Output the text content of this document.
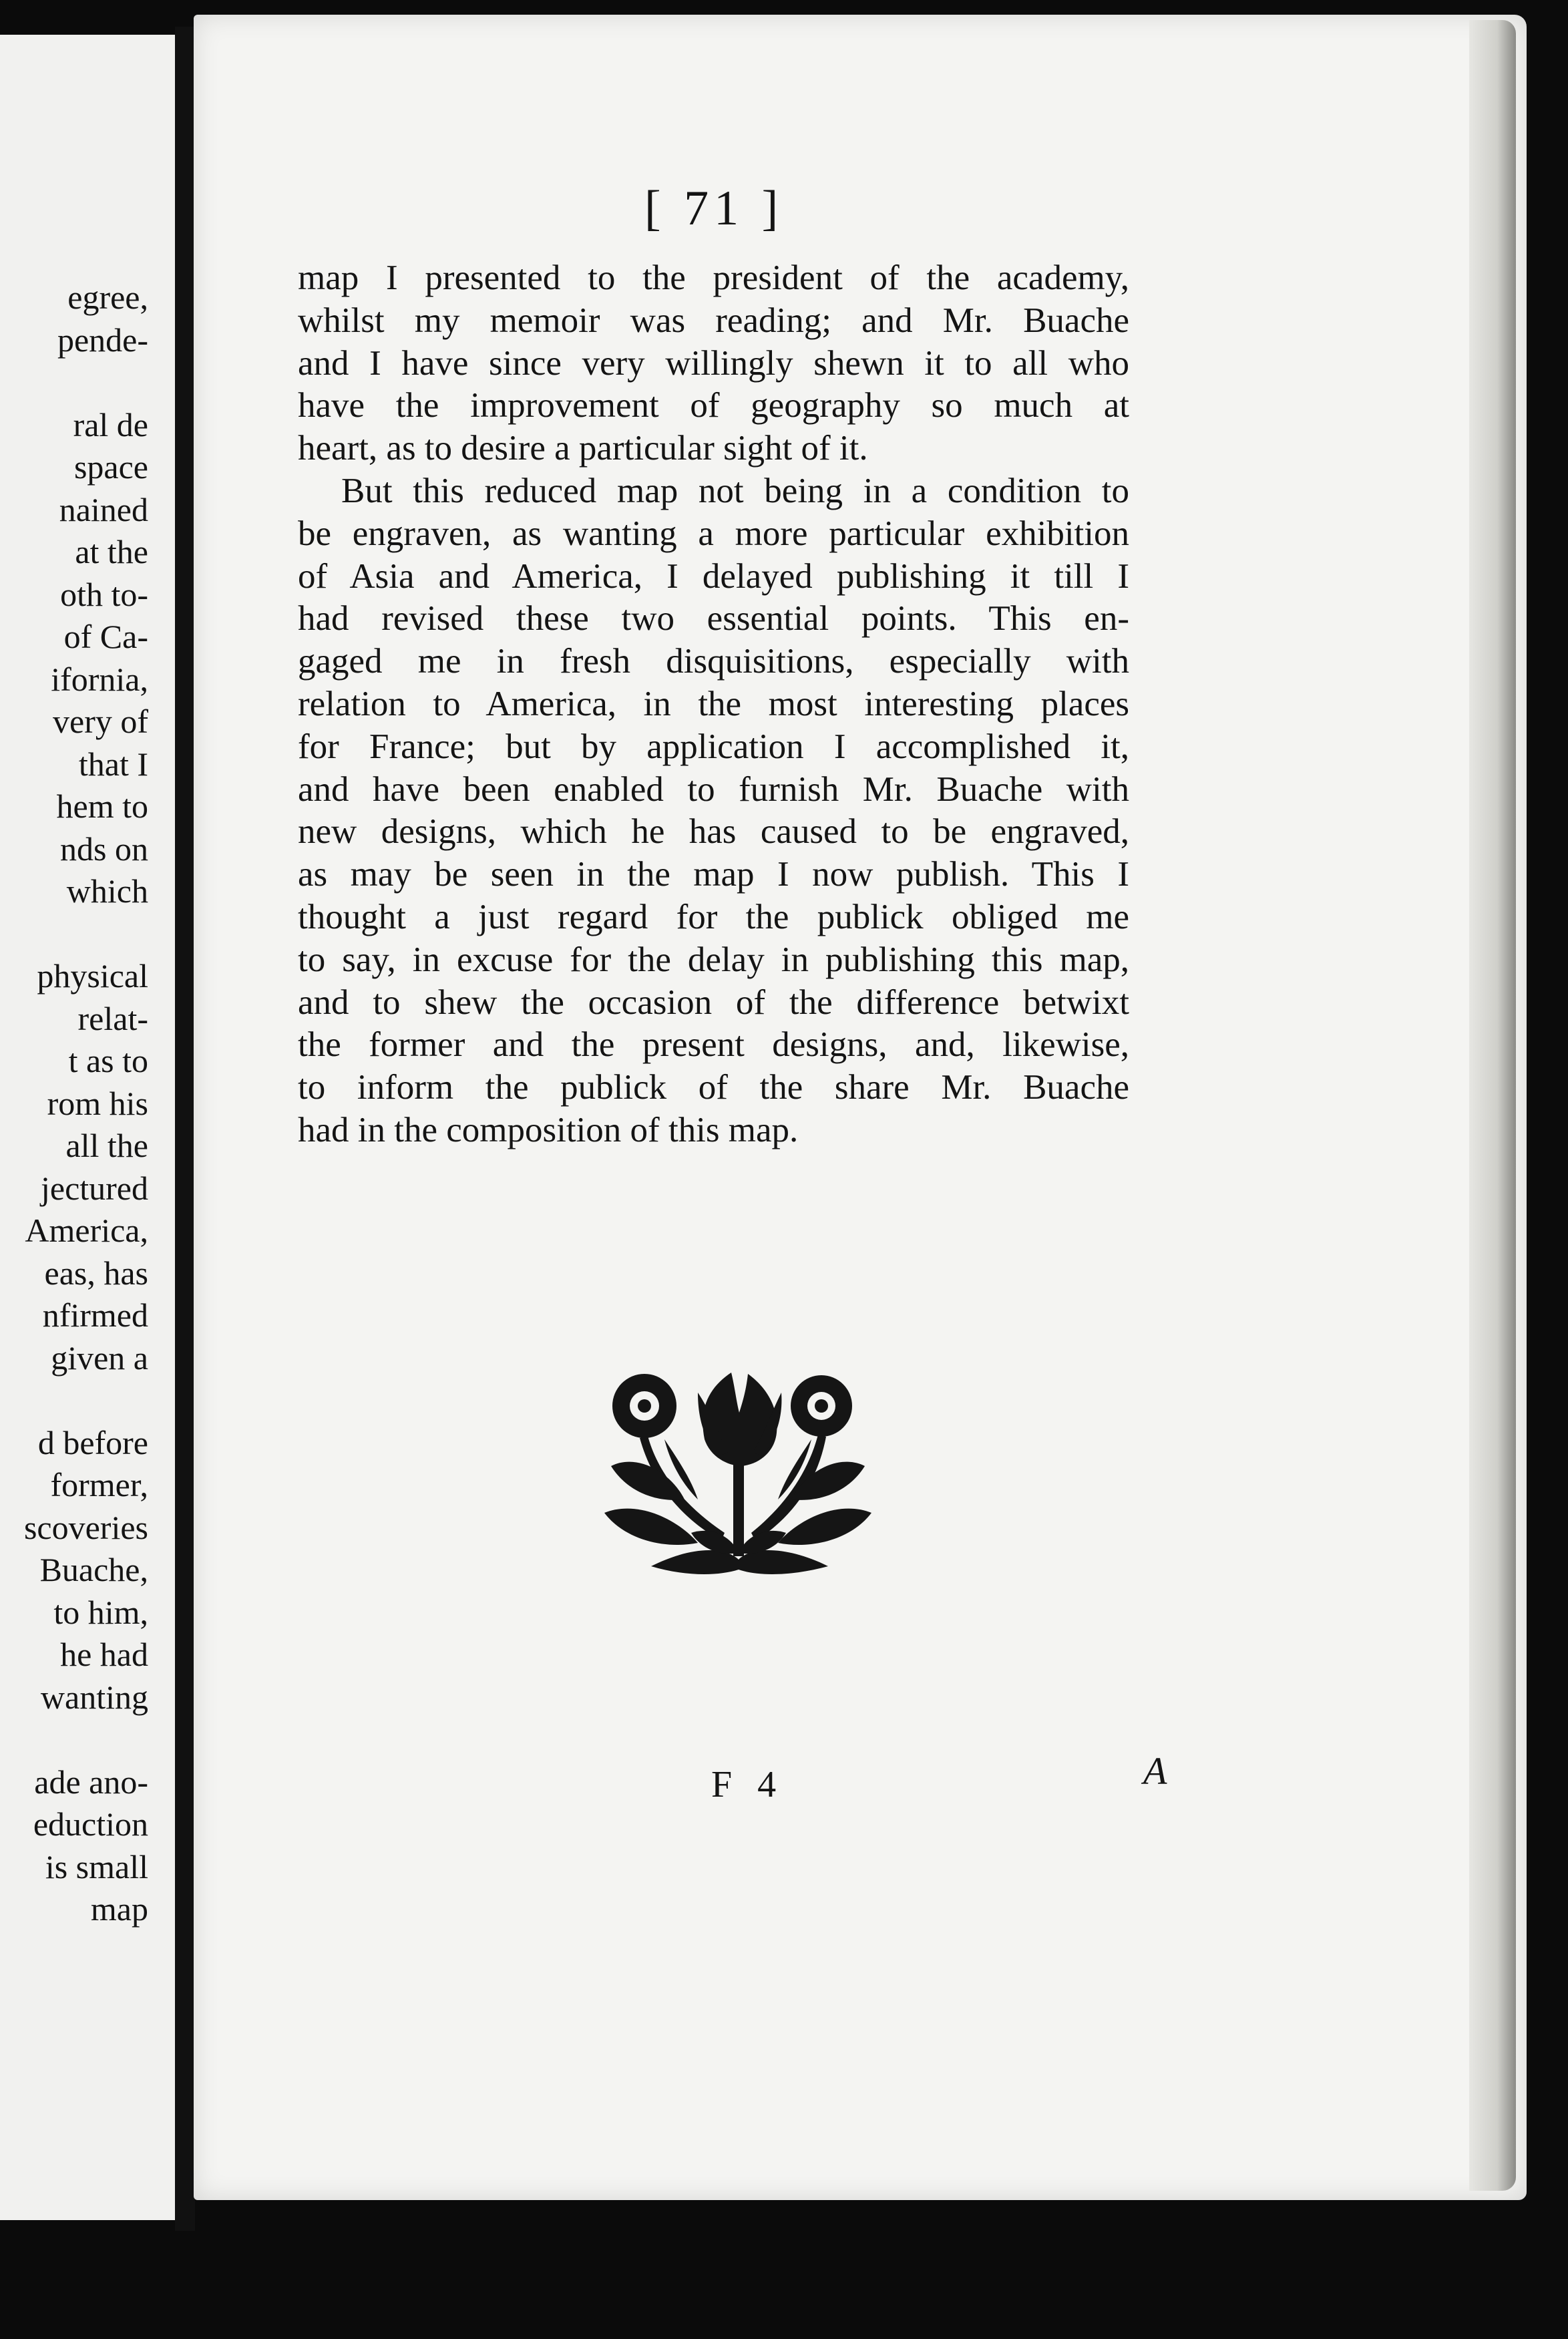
egree,
pende-
ral de
space
nained
at the
oth to-
of Ca-
ifornia,
very of
that I
hem to
nds on
which
physical
relat-
t as to
rom his
all the
jectured
America,
eas, has
nfirmed
given a
d before
former,
scoveries
Buache,
to him,
he had
wanting
ade ano-
eduction
is small
map
[ 71 ]
map I presented to the president of the academy,
whilst my memoir was reading; and Mr. Buache
and I have since very willingly shewn it to all who
have the improvement of geography so much at
heart, as to desire a particular sight of it.
But this reduced map not being in a condition to
be engraven, as wanting a more particular exhibition
of Asia and America, I delayed publishing it till I
had revised these two essential points. This en-
gaged me in fresh disquisitions, especially with
relation to America, in the most interesting places
for France; but by application I accomplished it,
and have been enabled to furnish Mr. Buache with
new designs, which he has caused to be engraved,
as may be seen in the map I now publish. This I
thought a just regard for the publick obliged me
to say, in excuse for the delay in publishing this map,
and to shew the occasion of the difference betwixt
the former and the present designs, and, likewise,
to inform the publick of the share Mr. Buache
had in the composition of this map.
F 4	A
